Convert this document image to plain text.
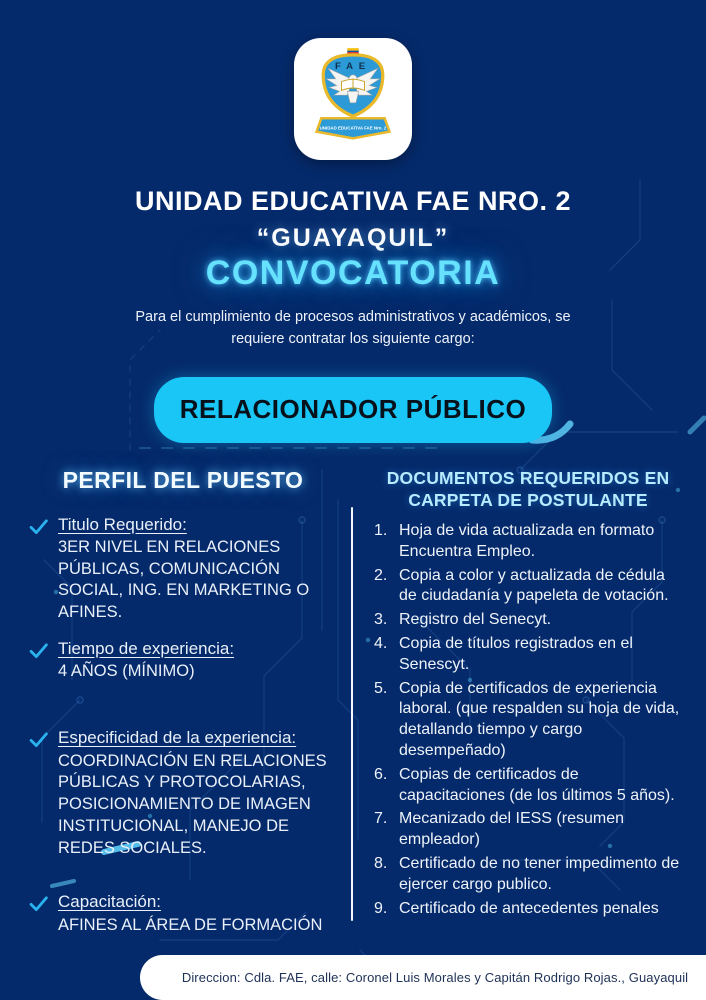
FAE
UNIDAD EDUCATIVA FAE Nro. 2
UNIDAD EDUCATIVA FAE NRO. 2
“GUAYAQUIL”
CONVOCATORIA

Para el cumplimiento de procesos administrativos y académicos, se
requiere contratar los siguiente cargo:

RELACIONADOR PÚBLICO
PERFIL DEL PUESTO
Titulo Requerido:
3ER NIVEL EN RELACIONES PÚBLICAS, COMUNICACIÓN SOCIAL, ING. EN MARKETING O AFINES.
Tiempo de experiencia:
4 AÑOS (MÍNIMO)
Especificidad de la experiencia:
COORDINACIÓN EN RELACIONES PÚBLICAS Y PROTOCOLARIAS, POSICIONAMIENTO DE IMAGEN INSTITUCIONAL, MANEJO DE REDES SOCIALES.
Capacitación:
AFINES AL ÁREA DE FORMACIÓN
DOCUMENTOS REQUERIDOS EN
CARPETA DE POSTULANTE
Hoja de vida actualizada en formato Encuentra Empleo.
Copia a color y actualizada de cédula de ciudadanía y papeleta de votación.
Registro del Senecyt.
Copia de títulos registrados en el Senescyt.
Copia de certificados de experiencia laboral. (que respalden su hoja de vida, detallando tiempo y cargo desempeñado)
Copias de certificados de capacitaciones (de los últimos 5 años).
Mecanizado del IESS (resumen empleador)
Certificado de no tener impedimento de ejercer cargo publico.
Certificado de antecedentes penales
Direccion: Cdla. FAE, calle: Coronel Luis Morales y Capitán Rodrigo Rojas., Guayaquil
